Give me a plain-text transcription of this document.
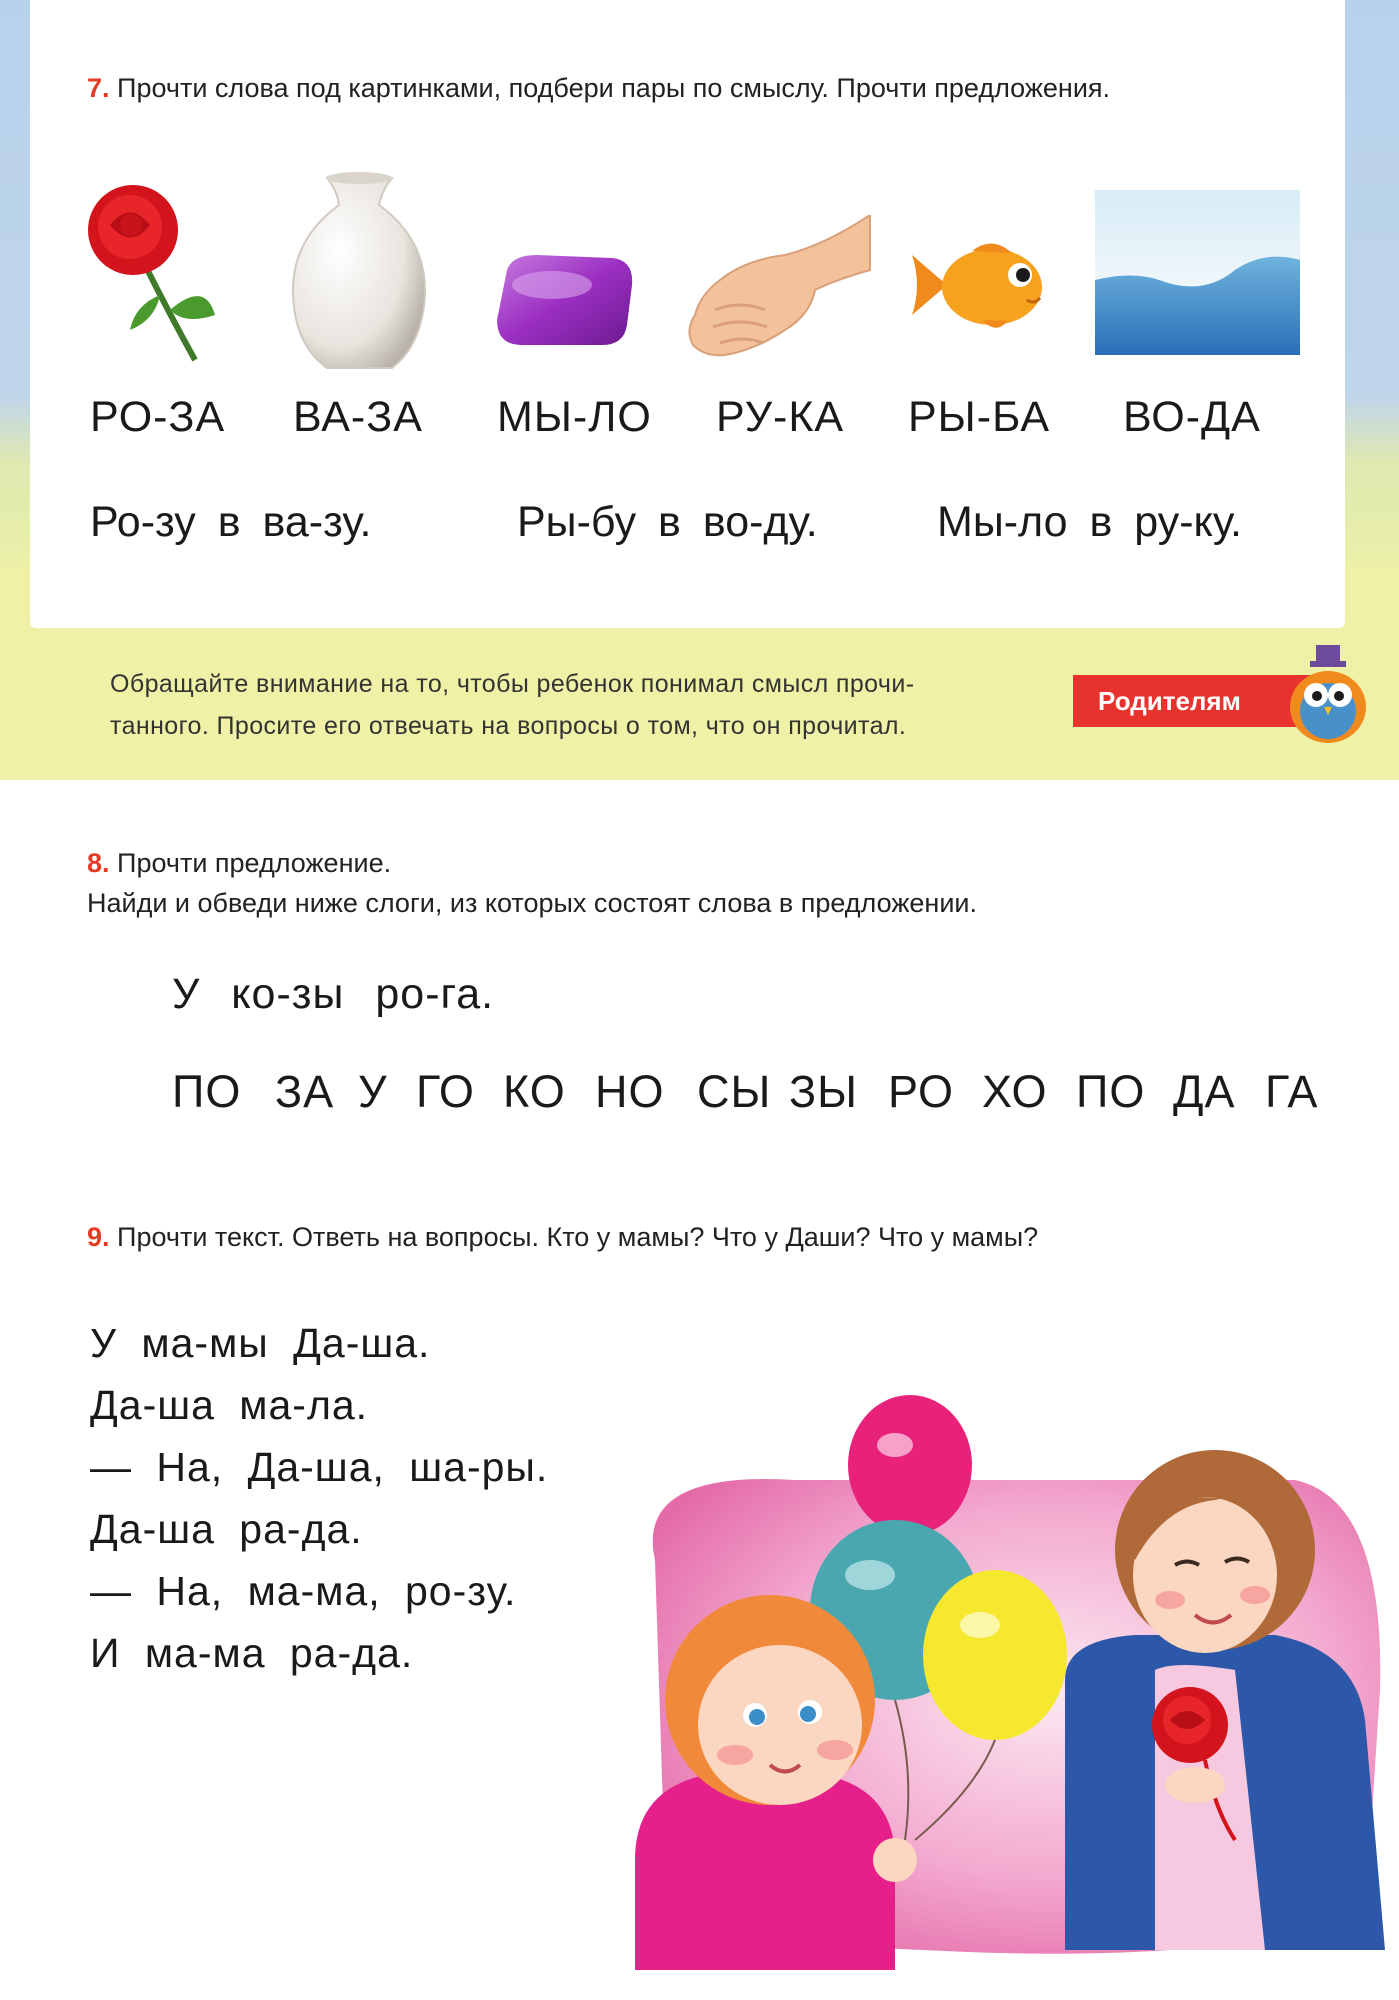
7. Прочти слова под картинками, подбери пары по смыслу. Прочти предложения.
РО-ЗА ВА-ЗА МЫ-ЛО РУ-КА РЫ-БА ВО-ДА
Ро-зу в ва-зу.	Ры-бу в во-ду.	Мы-ло в ру-ку.
Обращайте внимание на то, чтобы ребенок понимал смысл прочи-
танного. Просите его отвечать на вопросы о том, что он прочитал.
Родителям
8. Прочти предложение.
Найди и обведи ниже слоги, из которых состоят слова в предложении.
У ко-зы ро-га.
ПО ЗА У ГО КО НО СЫ ЗЫ РО ХО ПО ДА ГА
9. Прочти текст. Ответь на вопросы. Кто у мамы? Что у Даши? Что у мамы?
У ма-мы Да-ша.
Да-ша ма-ла.
— На, Да-ша, ша-ры.
Да-ша ра-да.
— На, ма-ма, ро-зу.
И ма-ма ра-да.
